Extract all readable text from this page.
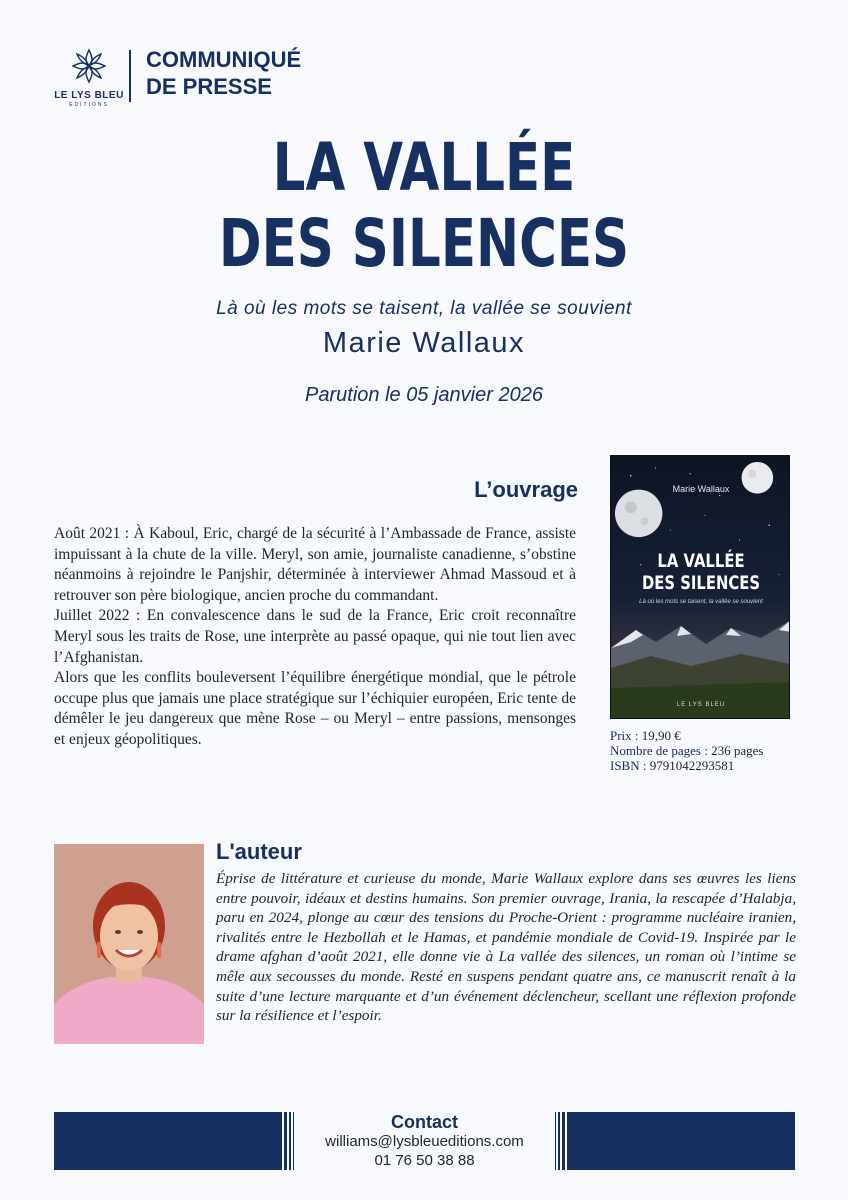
LE LYS BLEU
ÉDITIONS
COMMUNIQUÉ
DE PRESSE
LA VALLÉE
DES SILENCES
Là où les mots se taisent, la vallée se souvient
Marie Wallaux
Parution le 05 janvier 2026
L’ouvrage

Août 2021 : À Kaboul, Eric, chargé de la sécurité à l’Ambassade de France, assiste impuissant à la chute de la ville. Meryl, son amie, journaliste canadienne, s’obstine néanmoins à rejoindre le Panjshir, déterminée à interviewer Ahmad Massoud et à retrouver son père biologique, ancien proche du commandant.

Juillet 2022 : En convalescence dans le sud de la France, Eric croit reconnaître Meryl sous les traits de Rose, une interprète au passé opaque, qui nie tout lien avec l’Afghanistan.

Alors que les conflits bouleversent l’équilibre énergétique mondial, que le pétrole occupe plus que jamais une place stratégique sur l’échiquier européen, Eric tente de démêler le jeu dangereux que mène Rose – ou Meryl – entre passions, mensonges et enjeux géopolitiques.

Marie Wallaux
LA VALLÉE
DES SILENCES
Là où les mots se taisent, la vallée se souvient
LE LYS BLEU
Prix : 19,90 €
Nombre de pages : 236 pages
ISBN : 9791042293581
L'auteur
Éprise de littérature et curieuse du monde, Marie Wallaux explore dans ses œuvres les liens entre pouvoir, idéaux et destins humains. Son premier ouvrage, Irania, la rescapée d’Halabja, paru en 2024, plonge au cœur des tensions du Proche-Orient : programme nucléaire iranien, rivalités entre le Hezbollah et le Hamas, et pandémie mondiale de Covid-19. Inspirée par le drame afghan d’août 2021, elle donne vie à La vallée des silences, un roman où l’intime se mêle aux secousses du monde. Resté en suspens pendant quatre ans, ce manuscrit renaît à la suite d’une lecture marquante et d’un événement déclencheur, scellant une réflexion profonde sur la résilience et l’espoir.
Contact
williams@lysbleueditions.com
01 76 50 38 88
